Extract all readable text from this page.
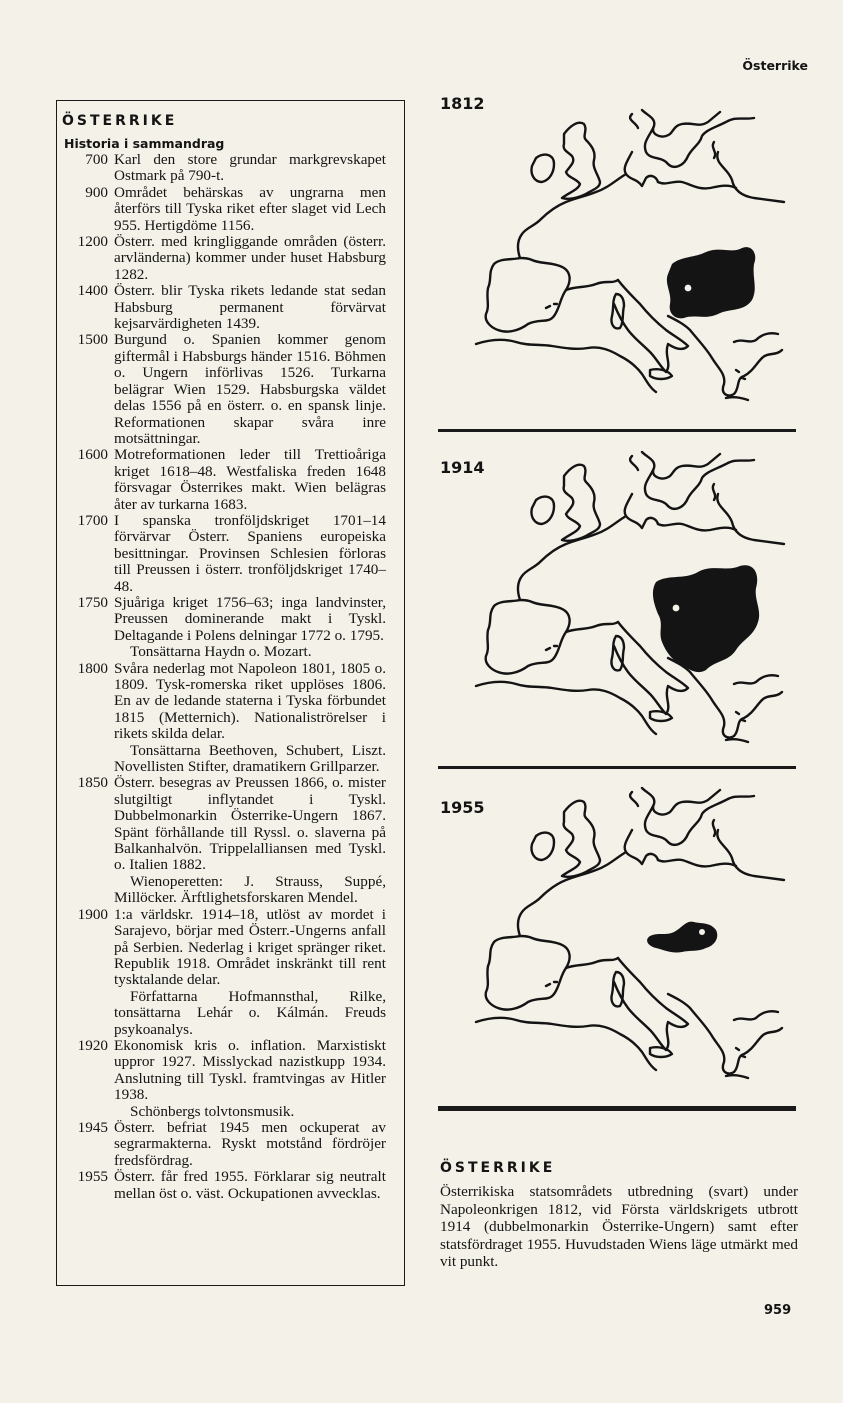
Österrike
ÖSTERRIKE
Historia i sammandrag
700 Karl den store grundar markgrevskapet Ostmark på 790-t.
900 Området behärskas av ungrarna men återförs till Tyska riket efter slaget vid Lech 955. Hertigdöme 1156.
1200 Österr. med kringliggande områden (österr. arvländerna) kommer under huset Habsburg 1282.
1400 Österr. blir Tyska rikets ledande stat sedan Habsburg permanent förvärvat kejsarvärdigheten 1439.
1500 Burgund o. Spanien kommer genom giftermål i Habsburgs händer 1516. Böhmen o. Ungern införlivas 1526. Turkarna belägrar Wien 1529. Habsburgska väldet delas 1556 på en österr. o. en spansk linje. Reformationen skapar svåra inre motsättningar.
1600 Motreformationen leder till Trettioåriga kriget 1618–48. Westfaliska freden 1648 försvagar Österrikes makt. Wien belägras åter av turkarna 1683.
1700 I spanska tronföljdskriget 1701–14 förvärvar Österr. Spaniens europeiska besittningar. Provinsen Schlesien förloras till Preussen i österr. tronföljdskriget 1740–48.
1750 Sjuåriga kriget 1756–63; inga landvinster, Preussen dominerande makt i Tyskl. Deltagande i Polens delningar 1772 o. 1795.
Tonsättarna Haydn o. Mozart.
1800 Svåra nederlag mot Napoleon 1801, 1805 o. 1809. Tysk-romerska riket upplöses 1806. En av de ledande staterna i Tyska förbundet 1815 (Metternich). Nationaliströrelser i rikets skilda delar.
Tonsättarna Beethoven, Schubert, Liszt. Novellisten Stifter, dramatikern Grillparzer.
1850 Österr. besegras av Preussen 1866, o. mister slutgiltigt inflytandet i Tyskl. Dubbelmonarkin Österrike-Ungern 1867. Spänt förhållande till Ryssl. o. slaverna på Balkanhalvön. Trippelalliansen med Tyskl. o. Italien 1882.
Wienoperetten: J. Strauss, Suppé, Millöcker. Ärftlighetsforskaren Mendel.
1900 1:a världskr. 1914–18, utlöst av mordet i Sarajevo, börjar med Österr.-Ungerns anfall på Serbien. Nederlag i kriget spränger riket. Republik 1918. Området inskränkt till rent tysktalande delar.
Författarna Hofmannsthal, Rilke, tonsättarna Lehár o. Kálmán. Freuds psykoanalys.
1920 Ekonomisk kris o. inflation. Marxistiskt uppror 1927. Misslyckad nazistkupp 1934. Anslutning till Tyskl. framtvingas av Hitler 1938.
Schönbergs tolvtonsmusik.
1945 Österr. befriat 1945 men ockuperat av segrarmakterna. Ryskt motstånd fördröjer fredsfördrag.
1955 Österr. får fred 1955. Förklarar sig neutralt mellan öst o. väst. Ockupationen avvecklas.
1812
1914
1955
ÖSTERRIKE
Österrikiska statsområdets utbredning (svart) under Napoleonkrigen 1812, vid Första världskrigets utbrott 1914 (dubbelmonarkin Österrike-Ungern) samt efter statsfördraget 1955. Huvudstaden Wiens läge utmärkt med vit punkt.
959
